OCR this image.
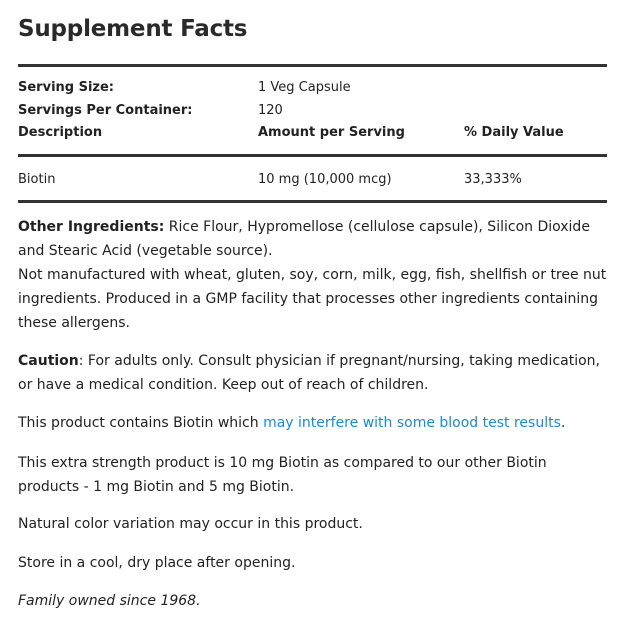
Supplement Facts
Serving Size:	1 Veg Capsule
Servings Per Container:	120
Description	Amount per Serving	% Daily Value
Biotin	10 mg (10,000 mcg)	33,333%
Other Ingredients: Rice Flour, Hypromellose (cellulose capsule), Silicon Dioxide and Stearic Acid (vegetable source).
Not manufactured with wheat, gluten, soy, corn, milk, egg, fish, shellfish or tree nut ingredients. Produced in a GMP facility that processes other ingredients containing these allergens.
Caution: For adults only. Consult physician if pregnant/nursing, taking medication, or have a medical condition. Keep out of reach of children.
This product contains Biotin which may interfere with some blood test results.
This extra strength product is 10 mg Biotin as compared to our other Biotin products - 1 mg Biotin and 5 mg Biotin.
Natural color variation may occur in this product.
Store in a cool, dry place after opening.
Family owned since 1968.
